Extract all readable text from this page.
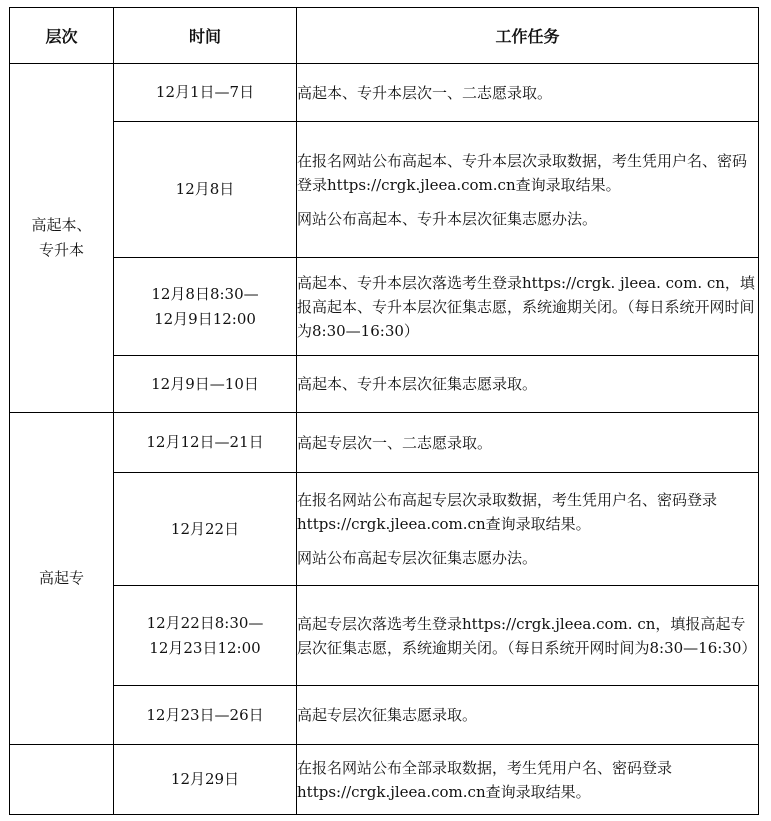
层次	时间	工作任务
高起本、
专升本	12月1日—7日	高起本、专升本层次一、二志愿录取。
	12月8日	在报名网站公布高起本、专升本层次录取数据，考生凭用户名、密码登录https://crgk.jleea.com.cn查询录取结果。
网站公布高起本、专升本层次征集志愿办法。

	12月8日8:30—
12月9日12:00	高起本、专升本层次落选考生登录https://crgk. jleea. com. cn，填报高起本、专升本层次征集志愿，系统逾期关闭。（每日系统开网时间为8:30—16:30）
	12月9日—10日	高起本、专升本层次征集志愿录取。
高起专	12月12日—21日	高起专层次一、二志愿录取。
	12月22日	在报名网站公布高起专层次录取数据，考生凭用户名、密码登录https://crgk.jleea.com.cn查询录取结果。
网站公布高起专层次征集志愿办法。

	12月22日8:30—
12月23日12:00	高起专层次落选考生登录https://crgk.jleea.com. cn，填报高起专层次征集志愿，系统逾期关闭。（每日系统开网时间为8:30—16:30）
	12月23日—26日	高起专层次征集志愿录取。
	12月29日	在报名网站公布全部录取数据，考生凭用户名、密码登录https://crgk.jleea.com.cn查询录取结果。
